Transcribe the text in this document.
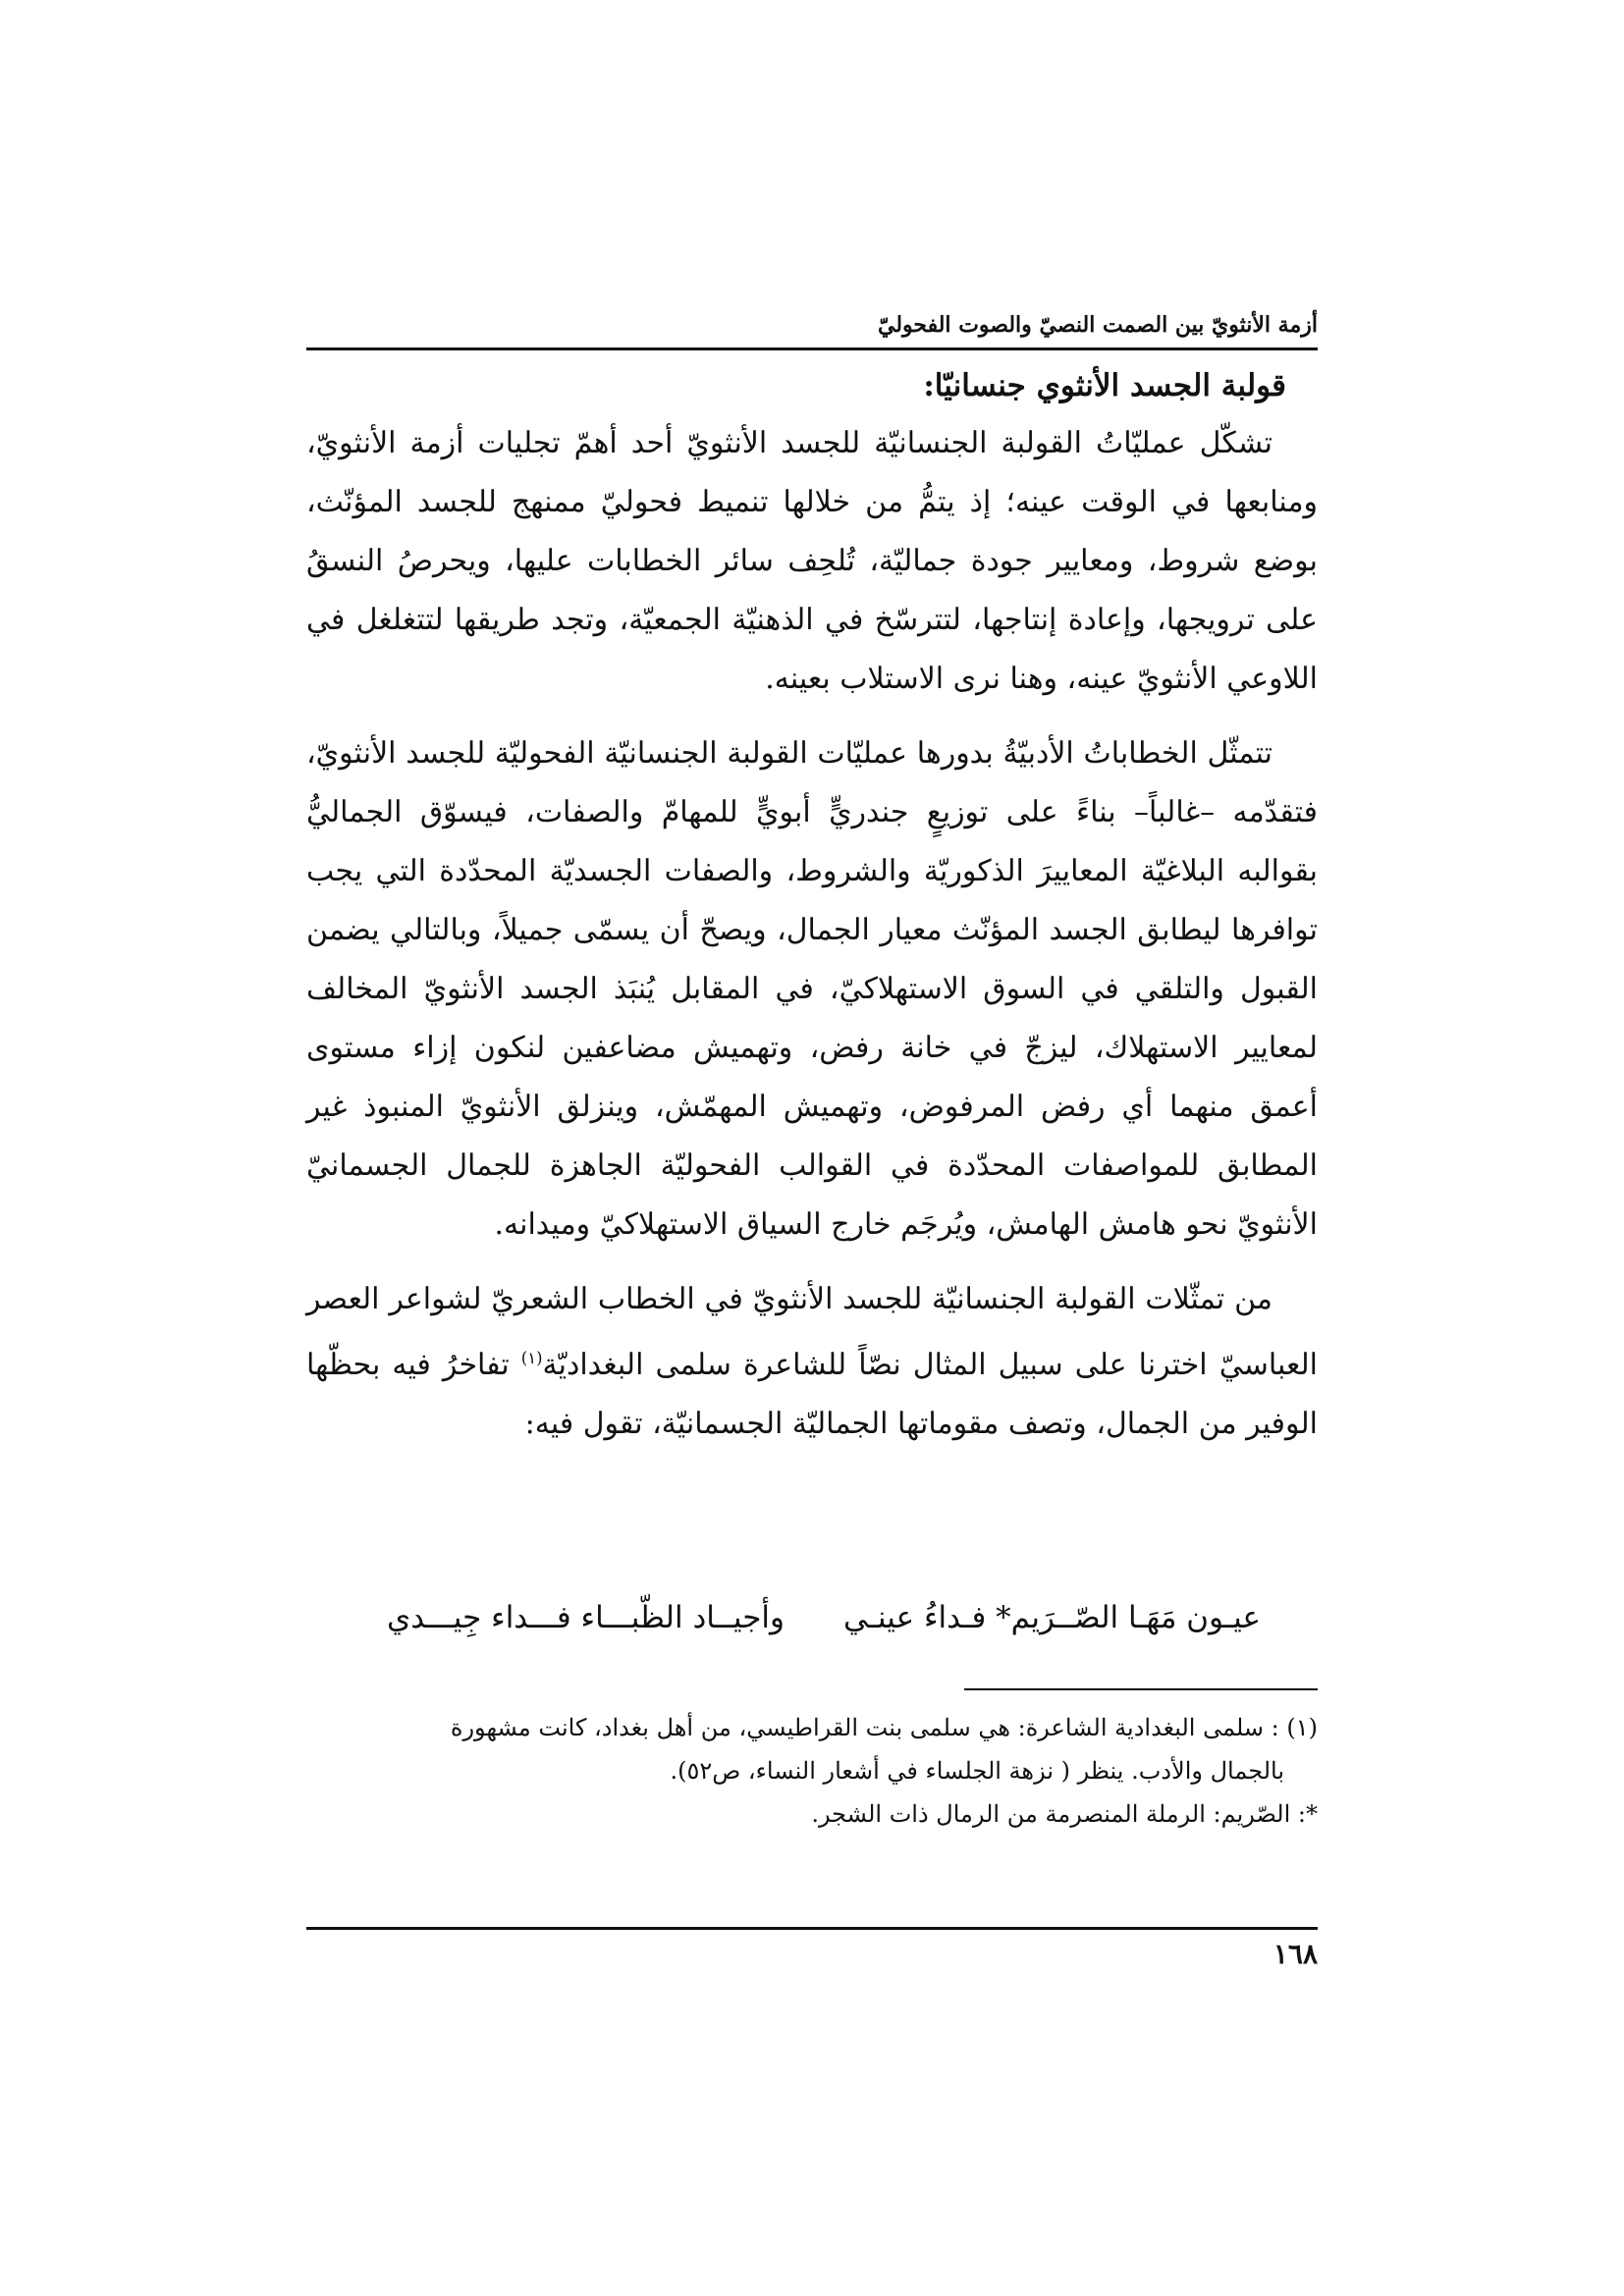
أزمة الأنثويّ بين الصمت النصيّ والصوت الفحوليّ

قولبة الجسد الأنثوي جنسانيّا:

تشكّل عمليّاتُ القولبة الجنسانيّة للجسد الأنثويّ أحد أهمّ تجليات أزمة الأنثويّ، ومنابعها في الوقت عينه؛ إذ يتمُّ من خلالها تنميط فحوليّ ممنهج للجسد المؤنّث، بوضع شروط، ومعايير جودة جماليّة، تُلحِف سائر الخطابات عليها، ويحرصُ النسقُ على ترويجها، وإعادة إنتاجها، لتترسّخ في الذهنيّة الجمعيّة، وتجد طريقها لتتغلغل في اللاوعي الأنثويّ عينه، وهنا نرى الاستلاب بعينه.

تتمثّل الخطاباتُ الأدبيّةُ بدورها عمليّات القولبة الجنسانيّة الفحوليّة للجسد الأنثويّ، فتقدّمه –غالباً– بناءً على توزيعٍ جندريٍّ أبويٍّ للمهامّ والصفات، فيسوّق الجماليُّ بقوالبه البلاغيّة المعاييرَ الذكوريّة والشروط، والصفات الجسديّة المحدّدة التي يجب توافرها ليطابق الجسد المؤنّث معيار الجمال، ويصحّ أن يسمّى جميلاً، وبالتالي يضمن القبول والتلقي في السوق الاستهلاكيّ، في المقابل يُنبَذ الجسد الأنثويّ المخالف لمعايير الاستهلاك، ليزجّ في خانة رفض، وتهميش مضاعفين لنكون إزاء مستوى أعمق منهما أي رفض المرفوض، وتهميش المهمّش، وينزلق الأنثويّ المنبوذ غير المطابق للمواصفات المحدّدة في القوالب الفحوليّة الجاهزة للجمال الجسمانيّ الأنثويّ نحو هامش الهامش، ويُرجَم خارج السياق الاستهلاكيّ وميدانه.

من تمثّلات القولبة الجنسانيّة للجسد الأنثويّ في الخطاب الشعريّ لشواعر العصر العباسيّ اخترنا على سبيل المثال نصّاً للشاعرة سلمى البغداديّة$^{(١)}$ تفاخرُ فيه بحظّها الوفير من الجمال، وتصف مقوماتها الجماليّة الجسمانيّة، تقول فيه:

عيـون مَهَـا الصّــرَيم* فـداءُ عينـي
وأجيــاد الظّبـــاء فـــداء جِيـــدي

(١) : سلمى البغدادية الشاعرة: هي سلمى بنت القراطيسي، من أهل بغداد، كانت مشهورة

بالجمال والأدب. ينظر ( نزهة الجلساء في أشعار النساء، ص٥٢).

*: الصّريم: الرملة المنصرمة من الرمال ذات الشجر.

١٦٨
